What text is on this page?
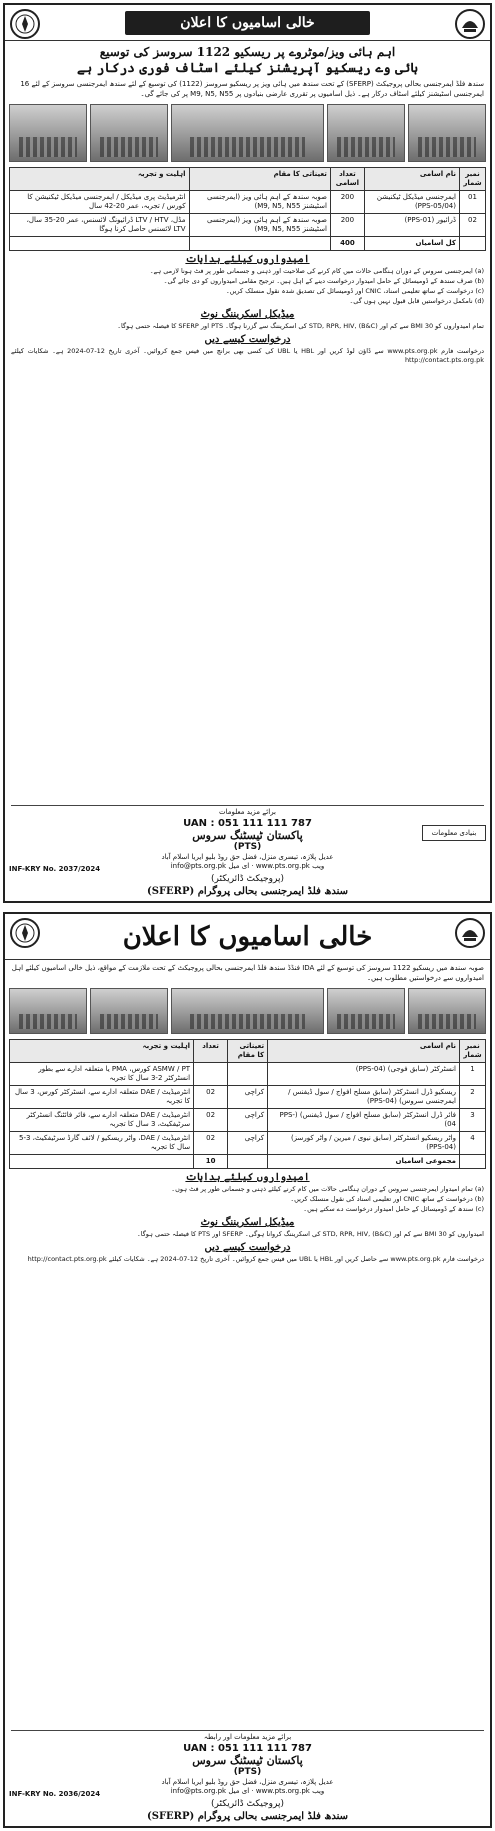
خالی اسامیوں کا اعلان
اہم ہائی ویز/موٹروے پر ریسکیو 1122 سروسز کی توسیع
ہائی وے ریسکیو آپریشنز کیلئے اسٹاف فوری درکار ہے
سندھ فلڈ ایمرجنسی بحالی پروجیکٹ (SFERP) کے تحت سندھ میں ہائی ویز پر ریسکیو سروسز (1122) کی توسیع کے لئے سندھ ایمرجنسی سروسز کے لئے 16 ایمرجنسی اسٹیشنز کیلئے اسٹاف درکار ہے۔ ذیل اسامیوں پر تقرری عارضی بنیادوں پر M9, N5, N55 پر کی جائے گی۔
نمبر شمار	نام اسامی	تعداد اسامی	تعیناتی کا مقام	اہلیت و تجربہ
01	ایمرجنسی میڈیکل ٹیکنیشن (PPS-05/04)	200	صوبہ سندھ کے اہم ہائی ویز (ایمرجنسی اسٹیشنز M9, N5, N55)	انٹرمیڈیٹ پری میڈیکل / ایمرجنسی میڈیکل ٹیکنیشن کا کورس / تجربہ، عمر 20-42 سال
02	ڈرائیور (PPS-01)	200	صوبہ سندھ کے اہم ہائی ویز (ایمرجنسی اسٹیشنز M9, N5, N55)	مڈل، LTV / HTV ڈرائیونگ لائسنس، عمر 20-35 سال، LTV لائسنس حاصل کرنا ہوگا
	کل اسامیاں	400		
امیدواروں کیلئے ہدایات

(a) ایمرجنسی سروس کے دوران ہنگامی حالات میں کام کرنے کی صلاحیت اور ذہنی و جسمانی طور پر فٹ ہونا لازمی ہے۔

(b) صرف سندھ کے ڈومیسائل کے حامل امیدوار درخواست دینے کے اہل ہیں۔ ترجیح مقامی امیدواروں کو دی جائے گی۔

(c) درخواست کے ساتھ تعلیمی اسناد، CNIC اور ڈومیسائل کی تصدیق شدہ نقول منسلک کریں۔

(d) نامکمل درخواستیں قابل قبول نہیں ہوں گی۔

میڈیکل اسکریننگ نوٹ
تمام امیدواروں کو BMI 30 سے کم اور STD, RPR, HIV, (B&C) کی اسکریننگ سے گزرنا ہوگا۔ PTS اور SFERP کا فیصلہ حتمی ہوگا۔
درخواست کیسے دیں
درخواست فارم www.pts.org.pk سے ڈاؤن لوڈ کریں اور HBL یا UBL کی کسی بھی برانچ میں فیس جمع کروائیں۔ آخری تاریخ 12-07-2024 ہے۔ شکایات کیلئے http://contact.pts.org.pk
برائے مزید معلومات
UAN : 051 111 111 787
پاکستان ٹیسٹنگ سروس
(PTS)
عدیل پلازہ، تیسری منزل، فضل حق روڈ بلیو ایریا اسلام آباد
info@pts.org.pk ای میل · www.pts.org.pk ویب
(پروجیکٹ ڈائریکٹر)
سندھ فلڈ ایمرجنسی بحالی پروگرام (SFERP)
INF-KRY No. 2037/2024
بنیادی معلومات
خالی اسامیوں کا اعلان
صوبہ سندھ میں ریسکیو 1122 سروسز کی توسیع کے لئے IDA فنڈڈ سندھ فلڈ ایمرجنسی بحالی پروجیکٹ کے تحت ملازمت کے مواقع، ذیل خالی اسامیوں کیلئے اہل امیدواروں سے درخواستیں مطلوب ہیں۔
نمبر شمار	نام اسامی	تعیناتی کا مقام	تعداد	اہلیت و تجربہ
1	انسٹرکٹر (سابق فوجی) (PPS-04)			ASMW / PT کورس، PMA یا متعلقہ ادارے سے بطور انسٹرکٹر 2-3 سال کا تجربہ
2	ریسکیو ڈرل انسٹرکٹر (سابق مسلح افواج / سول ڈیفنس / ایمرجنسی سروس) (PPS-04)	کراچی	02	انٹرمیڈیٹ / DAE متعلقہ ادارے سے، انسٹرکٹر کورس، 3 سال کا تجربہ
3	فائر ڈرل انسٹرکٹر (سابق مسلح افواج / سول ڈیفنس) (PPS-04)	کراچی	02	انٹرمیڈیٹ / DAE متعلقہ ادارے سے، فائر فائٹنگ انسٹرکٹر سرٹیفکیٹ، 3 سال کا تجربہ
4	واٹر ریسکیو انسٹرکٹر (سابق نیوی / میرین / واٹر کورسز) (PPS-04)	کراچی	02	انٹرمیڈیٹ / DAE، واٹر ریسکیو / لائف گارڈ سرٹیفکیٹ، 3-5 سال کا تجربہ
	مجموعی اسامیاں		10	
امیدواروں کیلئے ہدایات

(a) تمام امیدوار ایمرجنسی سروس کے دوران ہنگامی حالات میں کام کرنے کیلئے ذہنی و جسمانی طور پر فٹ ہوں۔

(b) درخواست کے ساتھ CNIC اور تعلیمی اسناد کی نقول منسلک کریں۔

(c) سندھ کے ڈومیسائل کے حامل امیدوار درخواست دے سکتے ہیں۔

میڈیکل اسکریننگ نوٹ
امیدواروں کو BMI 30 سے کم اور STD, RPR, HIV, (B&C) کی اسکریننگ کروانا ہوگی۔ SFERP اور PTS کا فیصلہ حتمی ہوگا۔
درخواست کیسے دیں
درخواست فارم www.pts.org.pk سے حاصل کریں اور HBL یا UBL میں فیس جمع کروائیں۔ آخری تاریخ 12-07-2024 ہے۔ شکایات کیلئے http://contact.pts.org.pk
برائے مزید معلومات اور رابطہ
UAN : 051 111 111 787
پاکستان ٹیسٹنگ سروس
(PTS)
عدیل پلازہ، تیسری منزل، فضل حق روڈ بلیو ایریا اسلام آباد
info@pts.org.pk ای میل · www.pts.org.pk ویب
(پروجیکٹ ڈائریکٹر)
سندھ فلڈ ایمرجنسی بحالی پروگرام (SFERP)
INF-KRY No. 2036/2024
